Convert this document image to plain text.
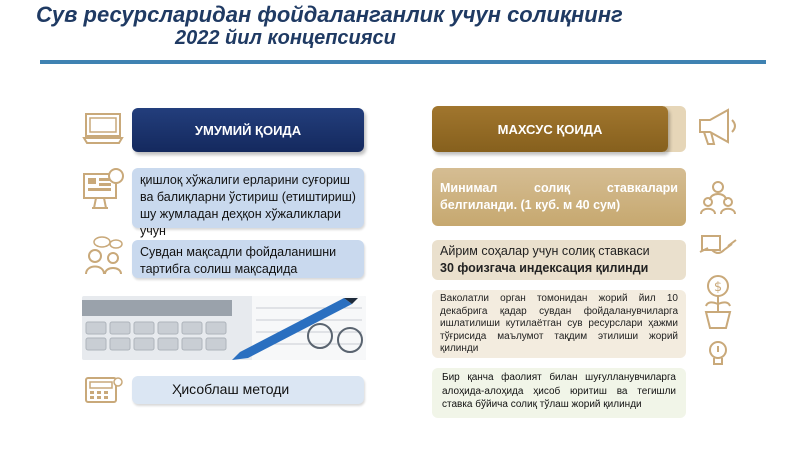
Сув ресурсларидан фойдаланганлик учун солиқнинг
2022 йил концепсияси
УМУМИЙ ҚОИДА
қишлоқ хўжалиги ерларини суғориш ва балиқларни ўстириш (етиштириш) шу жумладан деҳқон хўжаликлари учун
Сувдан мақсадли фойдаланишни тартибга солиш мақсадида
Ҳисоблаш методи
МАХСУС ҚОИДА
Минимал солиқ ставкалари белгиланди. (1 куб. м 40 сум)
Айрим соҳалар учун солиқ ставкаси
30 фоизгача индексация қилинди
Ваколатли орган томонидан жорий йил 10 декабрига қадар сувдан фойдаланувчиларга ишлатилиши кутилаётган сув ресурслари ҳажми тўғрисида маълумот тақдим этилиши жорий қилинди
Бир қанча фаолият билан шуғулланувчиларга алоҳида-алоҳида ҳисоб юритиш ва тегишли ставка бўйича солиқ тўлаш жорий қилинди
$
